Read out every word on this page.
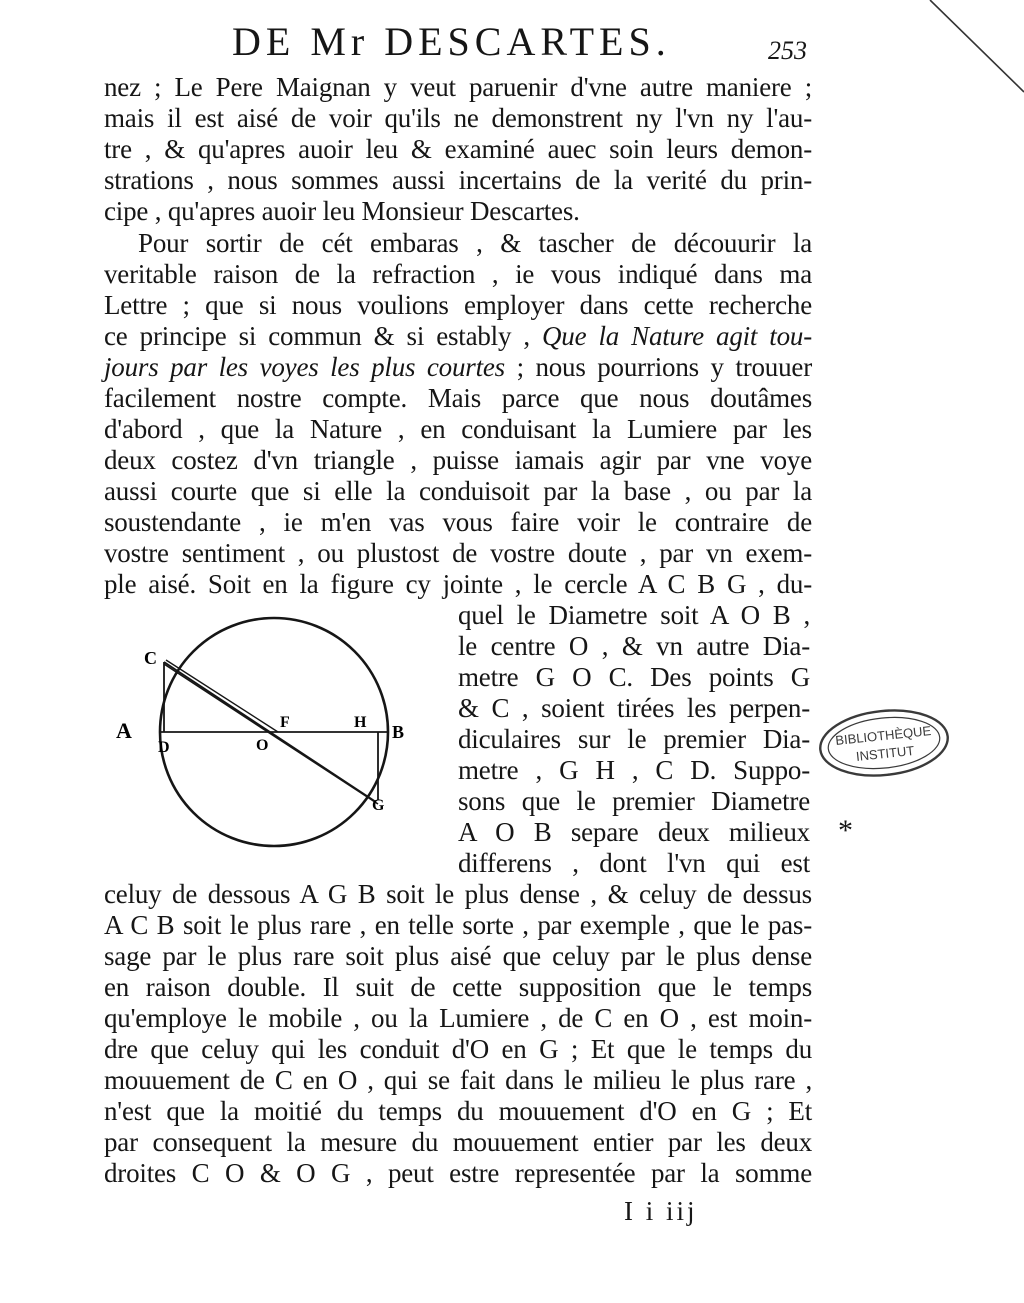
DE Mr DESCARTES.	253
nez ; Le Pere Maignan y veut paruenir d'vne autre maniere ;
mais il est aisé de voir qu'ils ne demonstrent ny l'vn ny l'au-
tre , & qu'apres auoir leu & examiné auec soin leurs demon-
strations , nous sommes aussi incertains de la verité du prin-
cipe , qu'apres auoir leu Monsieur Descartes.
Pour sortir de cét embaras , & tascher de découurir la
veritable raison de la refraction , ie vous indiqué dans ma
Lettre ; que si nous voulions employer dans cette recherche
ce principe si commun & si estably , Que la Nature agit tou-
jours par les voyes les plus courtes ; nous pourrions y trouuer
facilement nostre compte. Mais parce que nous doutâmes
d'abord , que la Nature , en conduisant la Lumiere par les
deux costez d'vn triangle , puisse iamais agir par vne voye
aussi courte que si elle la conduisoit par la base , ou par la
soustendante , ie m'en vas vous faire voir le contraire de
vostre sentiment , ou plustost de vostre doute , par vn exem-
ple aisé. Soit en la figure cy jointe , le cercle A C B G , du-
quel le Diametre soit A O B ,
le centre O , & vn autre Dia-
metre G O C. Des points G
& C , soient tirées les perpen-
diculaires sur le premier Dia-
metre , G H , C D. Suppo-
sons que le premier Diametre
A O B separe deux milieux
differens , dont l'vn qui est
celuy de dessous A G B soit le plus dense , & celuy de dessus
A C B soit le plus rare , en telle sorte , par exemple , que le pas-
sage par le plus rare soit plus aisé que celuy par le plus dense
en raison double. Il suit de cette supposition que le temps
qu'employe le mobile , ou la Lumiere , de C en O , est moin-
dre que celuy qui les conduit d'O en G ; Et que le temps du
mouuement de C en O , qui se fait dans le milieu le plus rare ,
n'est que la moitié du temps du mouuement d'O en G ; Et
par consequent la mesure du mouuement entier par les deux
droites C O & O G , peut estre representée par la somme
I i iij
C
A
D	O
F	H B
G
BIBLIOTHÈQUE
INSTITUT
*
